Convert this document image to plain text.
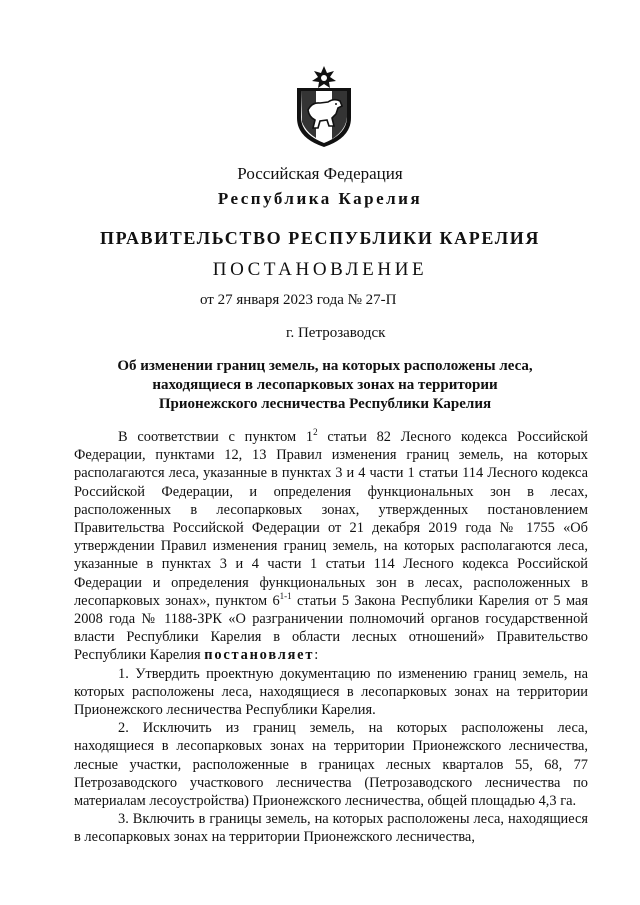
Российская Федерация
Республика Карелия
ПРАВИТЕЛЬСТВО РЕСПУБЛИКИ КАРЕЛИЯ
ПОСТАНОВЛЕНИЕ
от 27 января 2023 года № 27-П
г. Петрозаводск
Об изменении границ земель, на которых расположены леса,
находящиеся в лесопарковых зонах на территории
Прионежского лесничества Республики Карелия

В соответствии с пунктом $1^2$ статьи 82 Лесного кодекса Российской Федерации, пунктами 12, 13 Правил изменения границ земель, на которых располагаются леса, указанные в пунктах 3 и 4 части 1 статьи 114 Лесного кодекса Российской Федерации, и определения функциональных зон в лесах, расположенных в лесопарковых зонах, утвержденных постановлением Правительства Российской Федерации от 21 декабря 2019 года № 1755 «Об утверждении Правил изменения границ земель, на которых располагаются леса, указанные в пунктах 3 и 4 части 1 статьи 114 Лесного кодекса Российской Федерации и определения функциональных зон в лесах, расположенных в лесопарковых зонах», пунктом 6$^{1-1}$ статьи 5 Закона Республики Карелия от 5 мая 2008 года № 1188-ЗРК «О разграничении полномочий органов государственной власти Республики Карелия в области лесных отношений» Правительство Республики Карелия постановляет:

1. Утвердить проектную документацию по изменению границ земель, на которых расположены леса, находящиеся в лесопарковых зонах на территории Прионежского лесничества Республики Карелия.

2. Исключить из границ земель, на которых расположены леса, находящиеся в лесопарковых зонах на территории Прионежского лесничества, лесные участки, расположенные в границах лесных кварталов 55, 68, 77 Петрозаводского участкового лесничества (Петрозаводского лесничества по материалам лесоустройства) Прионежского лесничества, общей площадью 4,3 га.

3. Включить в границы земель, на которых расположены леса, находящиеся в лесопарковых зонах на территории Прионежского лесничества,
